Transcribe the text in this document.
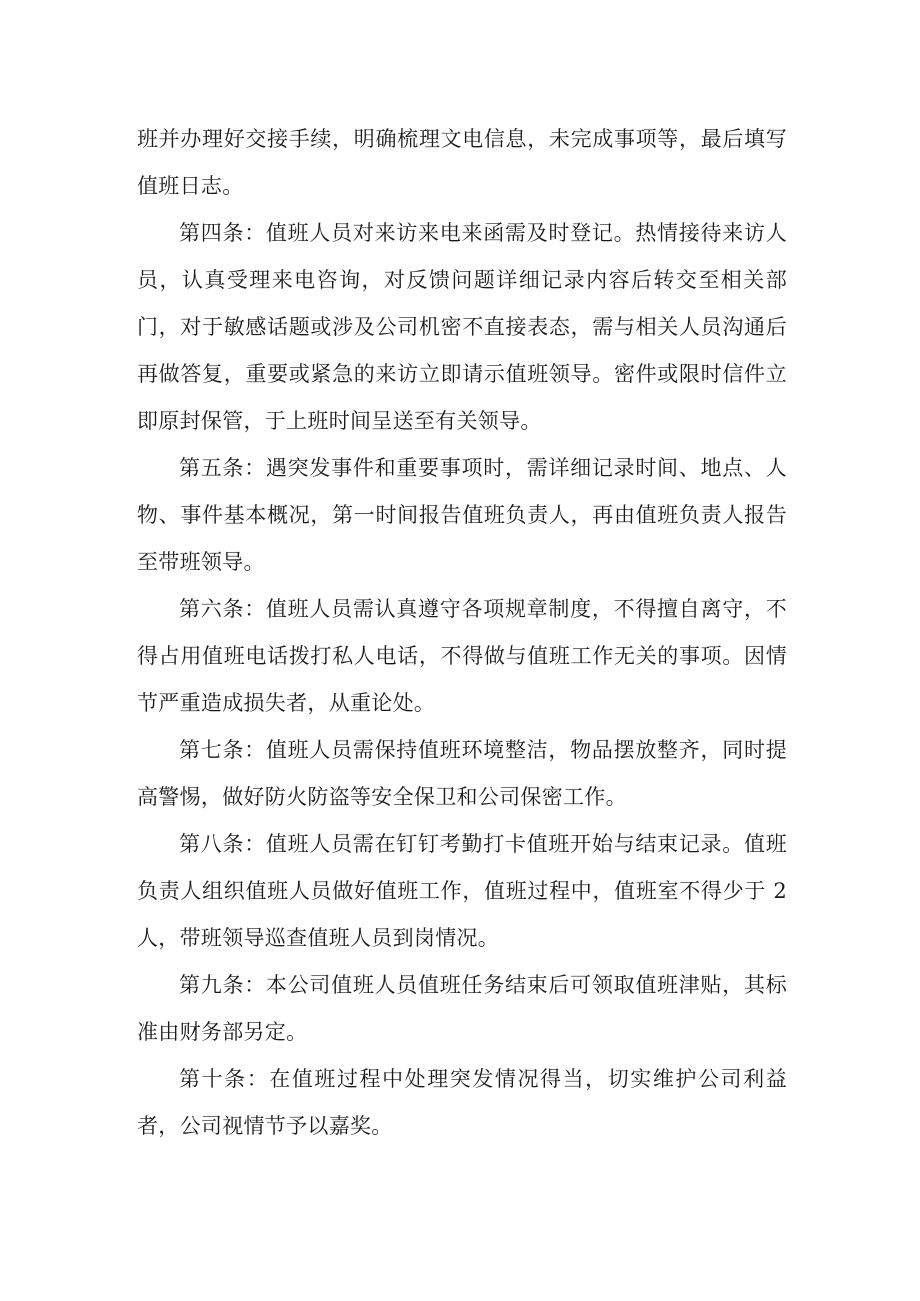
班并办理好交接手续，明确梳理文电信息，未完成事项等，最后填写值班日志。

第四条：值班人员对来访来电来函需及时登记。热情接待来访人员，认真受理来电咨询，对反馈问题详细记录内容后转交至相关部门，对于敏感话题或涉及公司机密不直接表态，需与相关人员沟通后再做答复，重要或紧急的来访立即请示值班领导。密件或限时信件立即原封保管，于上班时间呈送至有关领导。

第五条：遇突发事件和重要事项时，需详细记录时间、地点、人物、事件基本概况，第一时间报告值班负责人，再由值班负责人报告至带班领导。

第六条：值班人员需认真遵守各项规章制度，不得擅自离守，不得占用值班电话拨打私人电话，不得做与值班工作无关的事项。因情节严重造成损失者，从重论处。

第七条：值班人员需保持值班环境整洁，物品摆放整齐，同时提高警惕，做好防火防盗等安全保卫和公司保密工作。

第八条：值班人员需在钉钉考勤打卡值班开始与结束记录。值班负责人组织值班人员做好值班工作，值班过程中，值班室不得少于 2 人，带班领导巡查值班人员到岗情况。

第九条：本公司值班人员值班任务结束后可领取值班津贴，其标准由财务部另定。

第十条：在值班过程中处理突发情况得当，切实维护公司利益者，公司视情节予以嘉奖。
